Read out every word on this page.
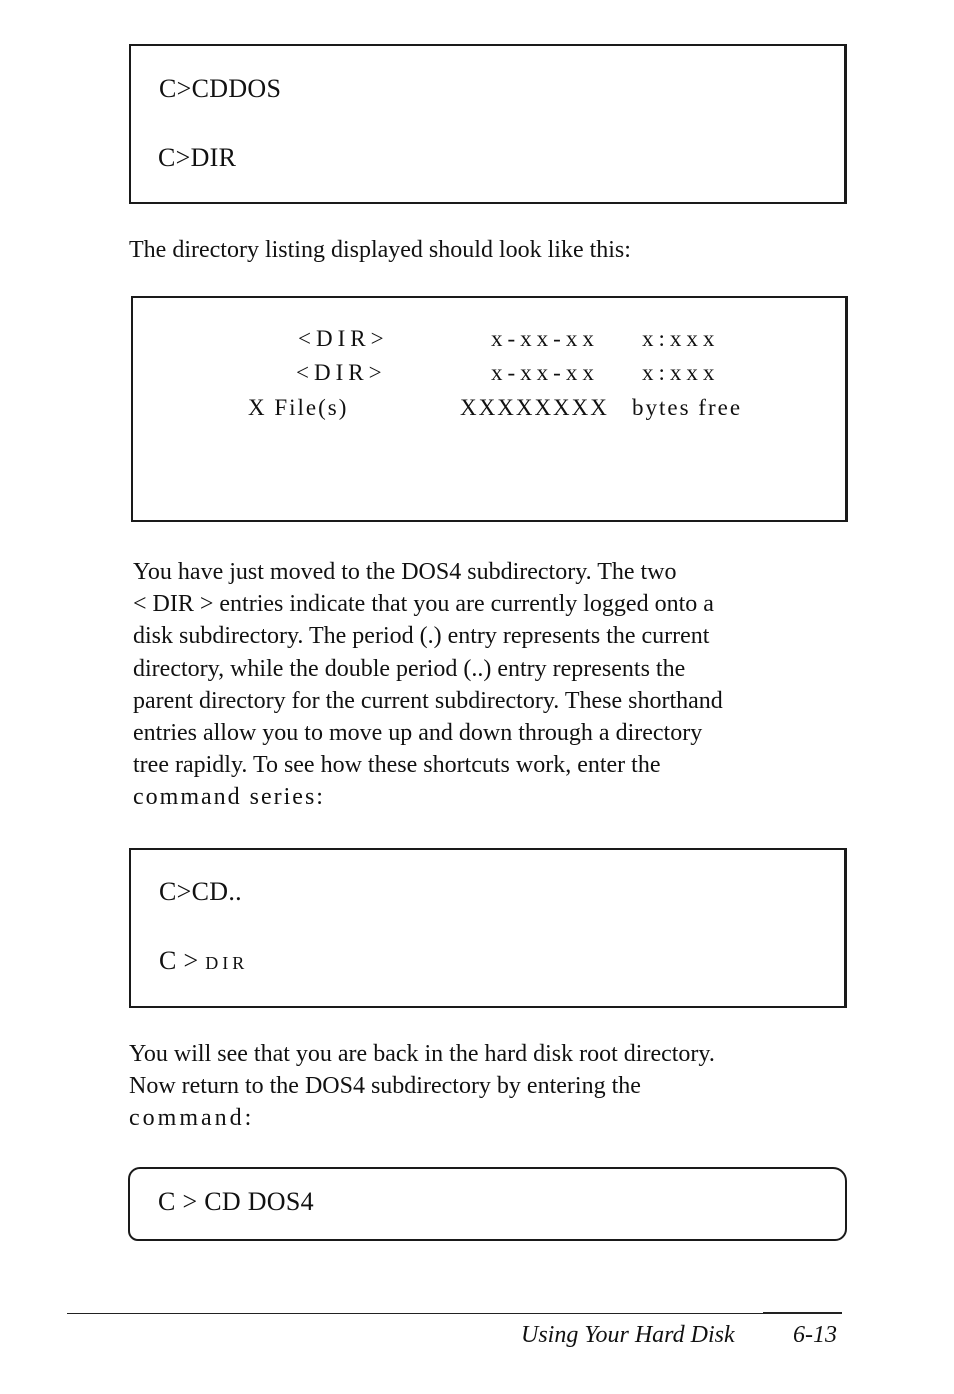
C>CDDOS
C>DIR
The directory listing displayed should look like this:
<DIR>	x-xx-xx x:xxx
<DIR>	x-xx-xx x:xxx
X File(s)	XXXXXXXX bytes free
You have just moved to the DOS4 subdirectory. The two
< DIR > entries indicate that you are currently logged onto a
disk subdirectory. The period (.) entry represents the current
directory, while the double period (..) entry represents the
parent directory for the current subdirectory. These shorthand
entries allow you to move up and down through a directory
tree rapidly. To see how these shortcuts work, enter the
command series:
C>CD..
C > DIR
You will see that you are back in the hard disk root directory.
Now return to the DOS4 subdirectory by entering the
command:
C > CD DOS4
Using Your Hard Disk 6-13
